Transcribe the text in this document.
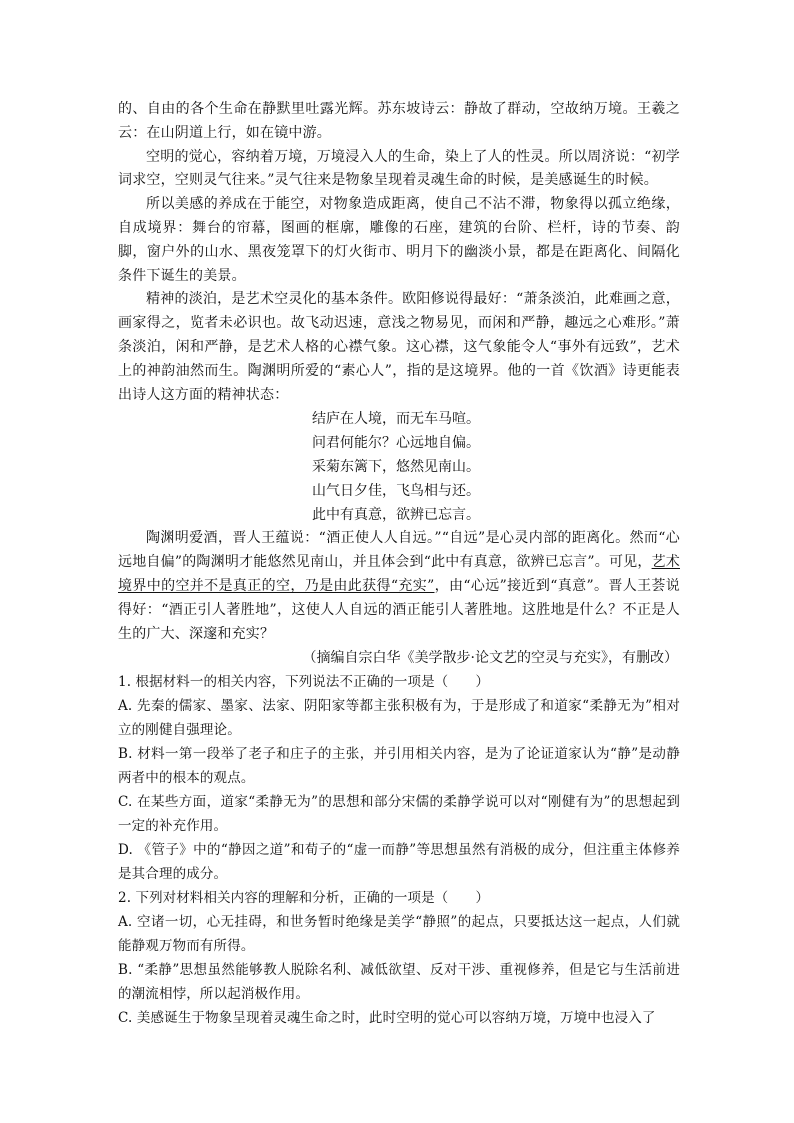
的、自由的各个生命在静默里吐露光辉。苏东坡诗云：静故了群动，空故纳万境。王羲之云：在山阴道上行，如在镜中游。

空明的觉心，容纳着万境，万境浸入人的生命，染上了人的性灵。所以周济说：“初学词求空，空则灵气往来。”灵气往来是物象呈现着灵魂生命的时候，是美感诞生的时候。

所以美感的养成在于能空，对物象造成距离，使自己不沾不滞，物象得以孤立绝缘，自成境界：舞台的帘幕，图画的框廓，雕像的石座，建筑的台阶、栏杆，诗的节奏、韵脚，窗户外的山水、黑夜笼罩下的灯火街市、明月下的幽淡小景，都是在距离化、间隔化条件下诞生的美景。

精神的淡泊，是艺术空灵化的基本条件。欧阳修说得最好：“萧条淡泊，此难画之意，画家得之，览者未必识也。故飞动迟速，意浅之物易见，而闲和严静，趣远之心难形。”萧条淡泊，闲和严静，是艺术人格的心襟气象。这心襟，这气象能令人“事外有远致”，艺术上的神韵油然而生。陶渊明所爱的“素心人”，指的是这境界。他的一首《饮酒》诗更能表出诗人这方面的精神状态：

结庐在人境，而无车马喧。
问君何能尔？心远地自偏。
采菊东篱下，悠然见南山。
山气日夕佳，飞鸟相与还。
此中有真意，欲辨已忘言。

陶渊明爱酒，晋人王蕴说：“酒正使人人自远。”“自远”是心灵内部的距离化。然而“心远地自偏”的陶渊明才能悠然见南山，并且体会到“此中有真意，欲辨已忘言”。可见，艺术境界中的空并不是真正的空，乃是由此获得“充实”，由“心远”接近到“真意”。晋人王荟说得好：“酒正引人著胜地”，这使人人自远的酒正能引人著胜地。这胜地是什么？不正是人生的广大、深邃和充实？

（摘编自宗白华《美学散步·论文艺的空灵与充实》，有删改）

1. 根据材料一的相关内容，下列说法不正确的一项是（　　）

A. 先秦的儒家、墨家、法家、阴阳家等都主张积极有为，于是形成了和道家“柔静无为”相对立的刚健自强理论。

B. 材料一第一段举了老子和庄子的主张，并引用相关内容，是为了论证道家认为“静”是动静两者中的根本的观点。

C. 在某些方面，道家“柔静无为”的思想和部分宋儒的柔静学说可以对“刚健有为”的思想起到一定的补充作用。

D. 《管子》中的“静因之道”和荀子的“虚一而静”等思想虽然有消极的成分，但注重主体修养是其合理的成分。

2. 下列对材料相关内容的理解和分析，正确的一项是（　　）

A. 空诸一切，心无挂碍，和世务暂时绝缘是美学“静照”的起点，只要抵达这一起点，人们就能静观万物而有所得。

B. “柔静”思想虽然能够教人脱除名利、减低欲望、反对干涉、重视修养，但是它与生活前进的潮流相悖，所以起消极作用。

C. 美感诞生于物象呈现着灵魂生命之时，此时空明的觉心可以容纳万境，万境中也浸入了
